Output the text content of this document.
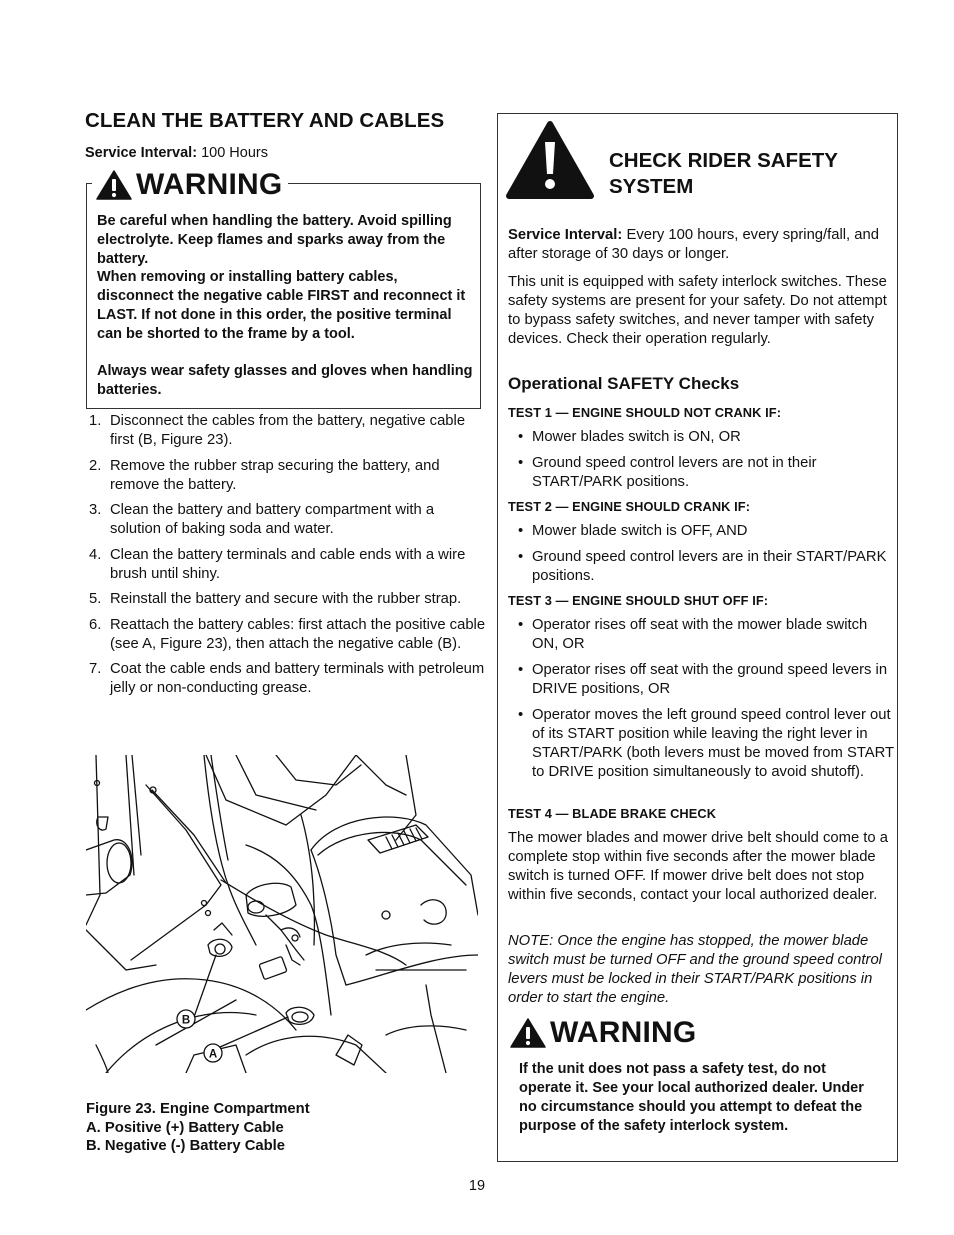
CLEAN THE BATTERY AND CABLES
Service Interval: 100 Hours
WARNING

Be careful when handling the battery. Avoid spilling electrolyte. Keep flames and sparks away from the battery.

When removing or installing battery cables, disconnect the negative cable FIRST and reconnect it LAST. If not done in this order, the positive terminal can be shorted to the frame by a tool.

Always wear safety glasses and gloves when handling batteries.

1. Disconnect the cables from the battery, negative cable first (B, Figure 23).
2. Remove the rubber strap securing the battery, and remove the battery.
3. Clean the battery and battery compartment with a solution of baking soda and water.
4. Clean the battery terminals and cable ends with a wire brush until shiny.
5. Reinstall the battery and secure with the rubber strap.
6. Reattach the battery cables: first attach the positive cable (see A, Figure 23), then attach the negative cable (B).
7. Coat the cable ends and battery terminals with petroleum jelly or non-conducting grease.
B
A
Figure 23. Engine Compartment
A. Positive (+) Battery Cable
B. Negative (-) Battery Cable
CHECK RIDER SAFETY
SYSTEM

Service Interval: Every 100 hours, every spring/fall, and after storage of 30 days or longer.

This unit is equipped with safety interlock switches. These safety systems are present for your safety. Do not attempt to bypass safety switches, and never tamper with safety devices. Check their operation regularly.

Operational SAFETY Checks
TEST 1 — ENGINE SHOULD NOT CRANK IF:
• Mower blades switch is ON, OR
• Ground speed control levers are not in their START/PARK positions.
TEST 2 — ENGINE SHOULD CRANK IF:
• Mower blade switch is OFF, AND
• Ground speed control levers are in their START/PARK positions.
TEST 3 — ENGINE SHOULD SHUT OFF IF:
• Operator rises off seat with the mower blade switch ON, OR
• Operator rises off seat with the ground speed levers in DRIVE positions, OR
• Operator moves the left ground speed control lever out of its START position while leaving the right lever in START/PARK (both levers must be moved from START to DRIVE position simultaneously to avoid shutoff).
TEST 4 — BLADE BRAKE CHECK

The mower blades and mower drive belt should come to a complete stop within five seconds after the mower blade switch is turned OFF. If mower drive belt does not stop within five seconds, contact your local authorized dealer.

NOTE: Once the engine has stopped, the mower blade switch must be turned OFF and the ground speed control levers must be locked in their START/PARK positions in order to start the engine.

WARNING
If the unit does not pass a safety test, do not operate it. See your local authorized dealer. Under no circumstance should you attempt to defeat the purpose of the safety interlock system.
19
